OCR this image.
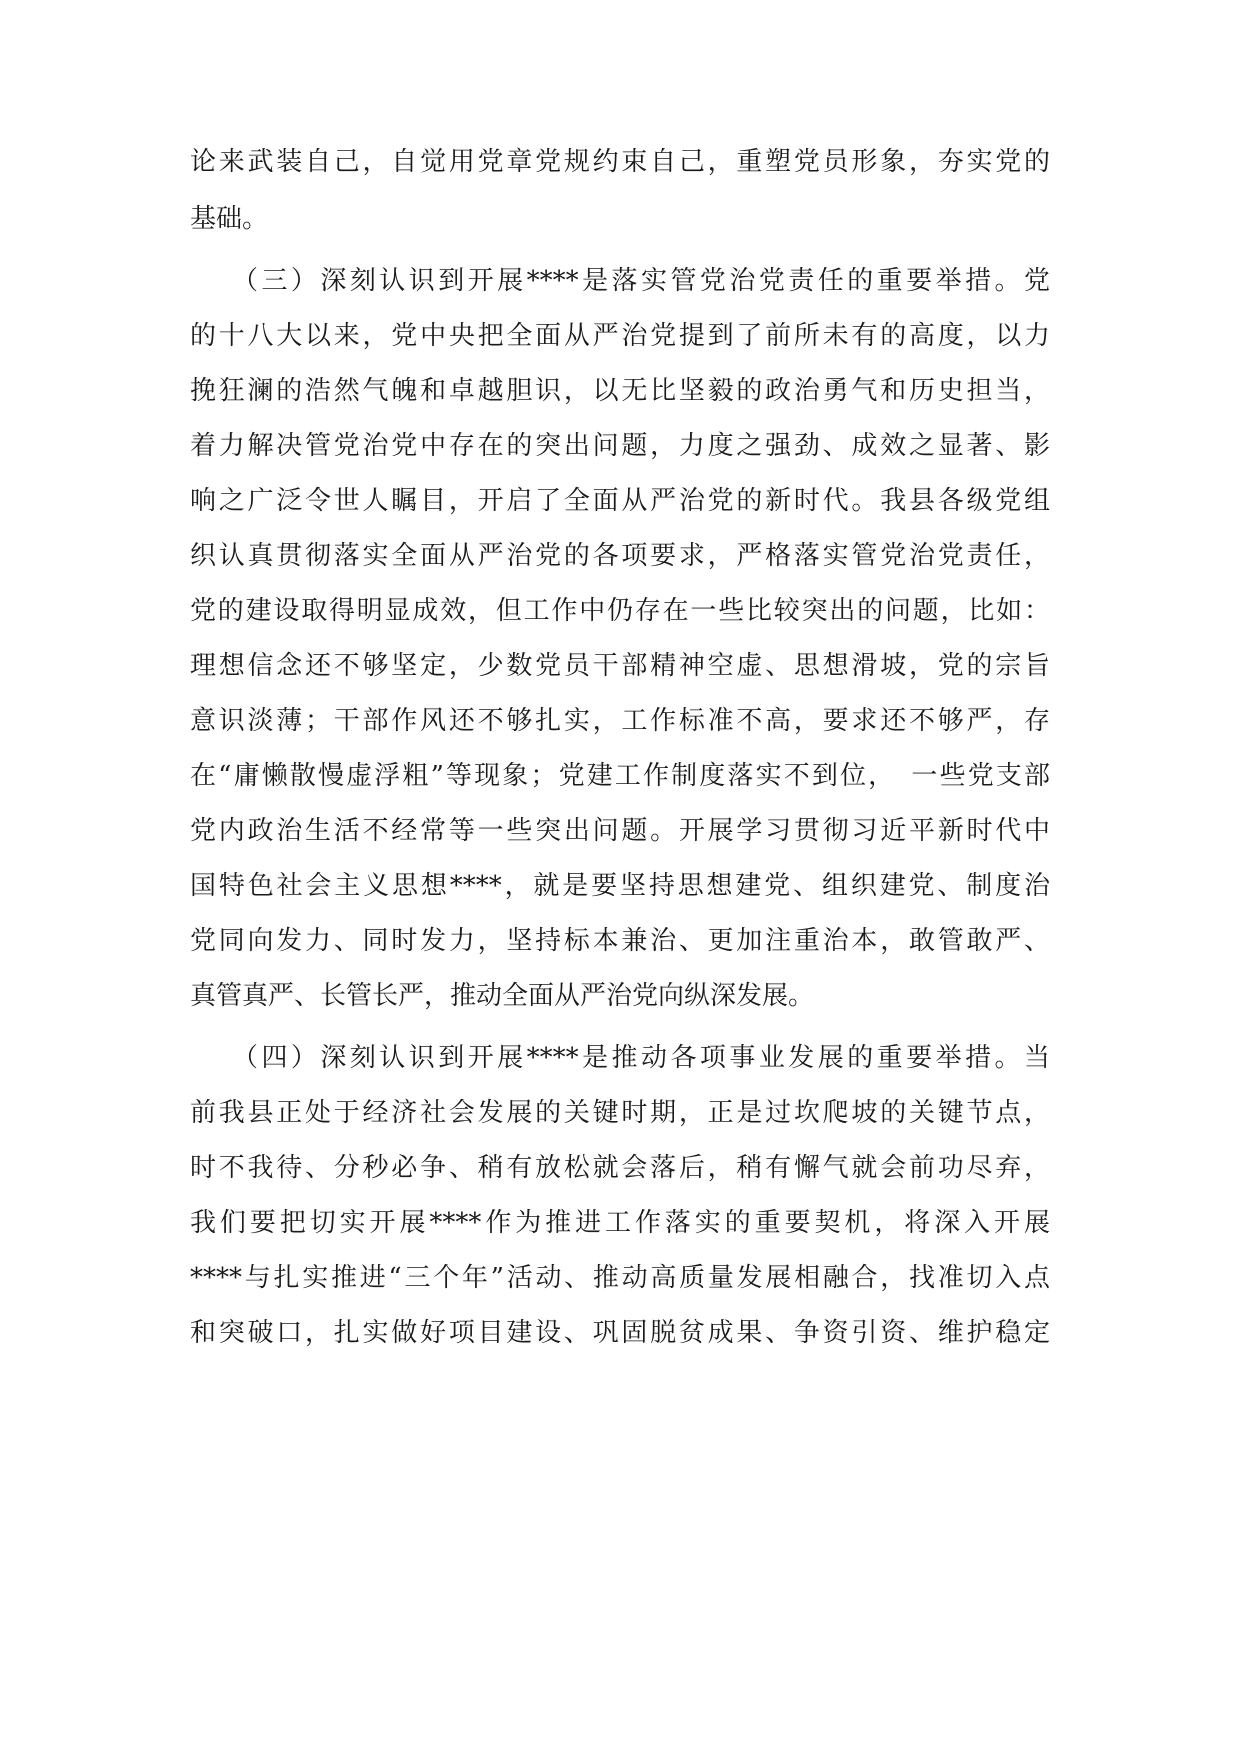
论来武装自己，自觉用党章党规约束自己，重塑党员形象，夯实党的
基础。
（三）深刻认识到开展****是落实管党治党责任的重要举措。党
的十八大以来，党中央把全面从严治党提到了前所未有的高度，以力
挽狂澜的浩然气魄和卓越胆识，以无比坚毅的政治勇气和历史担当，
着力解决管党治党中存在的突出问题，力度之强劲、成效之显著、影
响之广泛令世人瞩目，开启了全面从严治党的新时代。我县各级党组
织认真贯彻落实全面从严治党的各项要求，严格落实管党治党责任，
党的建设取得明显成效，但工作中仍存在一些比较突出的问题，比如：
理想信念还不够坚定，少数党员干部精神空虚、思想滑坡，党的宗旨
意识淡薄；干部作风还不够扎实，工作标准不高，要求还不够严，存
在“庸懒散慢虚浮粗”等现象；党建工作制度落实不到位，　一些党支部
党内政治生活不经常等一些突出问题。开展学习贯彻习近平新时代中
国特色社会主义思想****，就是要坚持思想建党、组织建党、制度治
党同向发力、同时发力，坚持标本兼治、更加注重治本，敢管敢严、
真管真严、长管长严，推动全面从严治党向纵深发展。
（四）深刻认识到开展****是推动各项事业发展的重要举措。当
前我县正处于经济社会发展的关键时期，正是过坎爬坡的关键节点，
时不我待、分秒必争、稍有放松就会落后，稍有懈气就会前功尽弃，
我们要把切实开展****作为推进工作落实的重要契机，将深入开展
****与扎实推进“三个年”活动、推动高质量发展相融合，找准切入点
和突破口，扎实做好项目建设、巩固脱贫成果、争资引资、维护稳定
